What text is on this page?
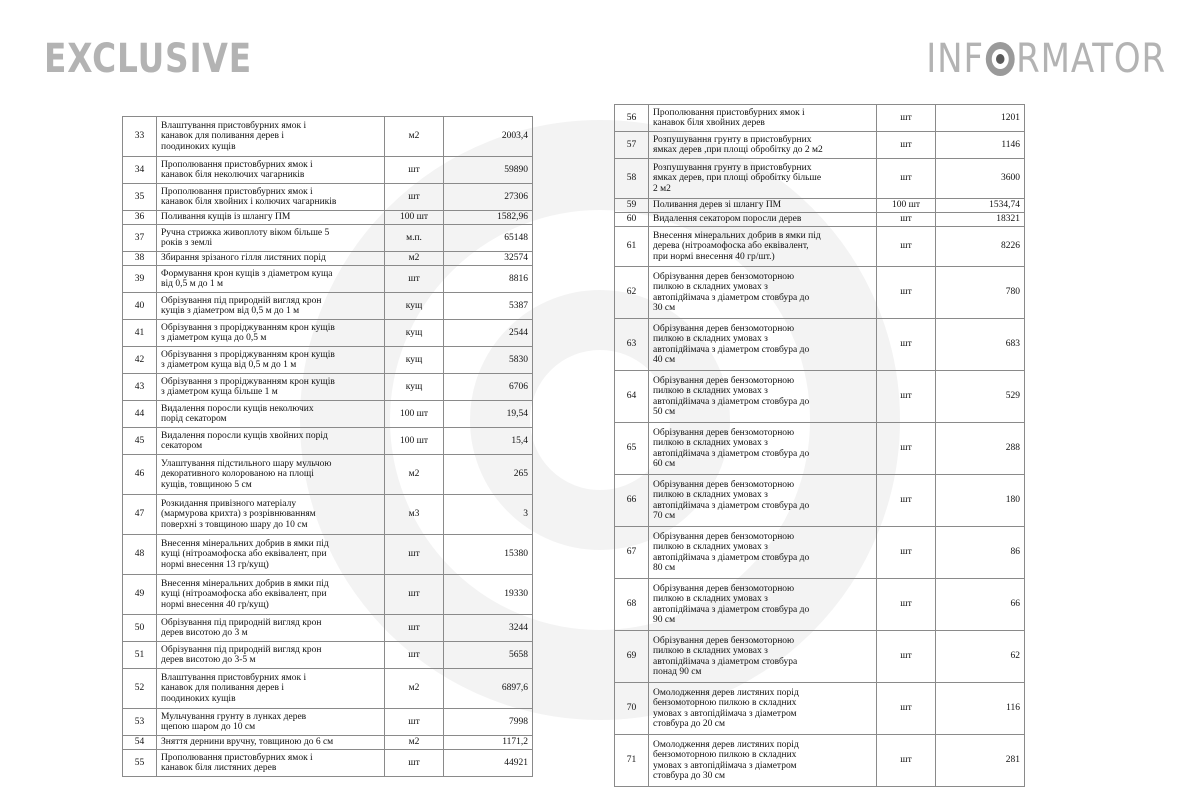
EXCLUSIVE	INF RMATOR
33	Влаштування пристовбурних ямок і
канавок для поливання дерев і
поодиноких кущів	м2	2003,4
34	Прополювання пристовбурних ямок і
канавок біля неколючих чагарників	шт	59890
35	Прополювання пристовбурних ямок і
канавок біля хвойних і колючих чагарників	шт	27306
36	Поливання кущів із шлангу ПМ	100 шт	1582,96
37	Ручна стрижка живоплоту віком більше 5
років з землі	м.п.	65148
38	Збирання зрізаного гілля листяних порід	м2	32574
39	Формування крон кущів з діаметром куща
від 0,5 м до 1 м	шт	8816
40	Обрізування під природній вигляд крон
кущів з діаметром від 0,5 м до 1 м	кущ	5387
41	Обрізування з проріджуванням крон кущів
з діаметром куща до 0,5 м	кущ	2544
42	Обрізування з проріджуванням крон кущів
з діаметром куща від 0,5 м до 1 м	кущ	5830
43	Обрізування з проріджуванням крон кущів
з діаметром куща більше 1 м	кущ	6706
44	Видалення поросли кущів неколючих
порід секатором	100 шт	19,54
45	Видалення поросли кущів хвойних порід
секатором	100 шт	15,4
46	Улаштування підстильного шару мульчою
декоративного колорованою на площі
кущів, товщиною 5 см	м2	265
47	Розкидання привізного матеріалу
(мармурова крихта) з розрівнюванням
поверхні з товщиною шару до 10 см	м3	3
48	Внесення мінеральних добрив в ямки під
кущі (нітроамофоска або еквівалент, при
нормі внесення 13 гр/кущ)	шт	15380
49	Внесення мінеральних добрив в ямки під
кущі (нітроамофоска або еквівалент, при
нормі внесення 40 гр/кущ)	шт	19330
50	Обрізування під природній вигляд крон
дерев висотою до 3 м	шт	3244
51	Обрізування під природній вигляд крон
дерев висотою до 3-5 м	шт	5658
52	Влаштування пристовбурних ямок і
канавок для поливання дерев і
поодиноких кущів	м2	6897,6
53	Мульчування грунту в лунках дерев
щепою шаром до 10 см	шт	7998
54	Зняття дернини вручну, товщиною до 6 см	м2	1171,2
55	Прополювання пристовбурних ямок і
канавок біля листяних дерев	шт	44921
56	Прополювання пристовбурних ямок і
канавок біля хвойних дерев	шт	1201
57	Розпушування грунту в пристовбурних
ямках дерев ,при площі обробітку до 2 м2	шт	1146
58	Розпушування грунту в пристовбурних
ямках дерев, при площі обробітку більше
2 м2	шт	3600
59	Поливання дерев зі шлангу ПМ	100 шт	1534,74
60	Видалення секатором поросли дерев	шт	18321
61	Внесення мінеральних добрив в ямки під
дерева (нітроамофоска або еквівалент,
при нормі внесення 40 гр/шт.)	шт	8226
62	Обрізування дерев бензомоторною
пилкою в складних умовах з
автопідйімача з діаметром стовбура до
30 см	шт	780
63	Обрізування дерев бензомоторною
пилкою в складних умовах з
автопідйімача з діаметром стовбура до
40 см	шт	683
64	Обрізування дерев бензомоторною
пилкою в складних умовах з
автопідйімача з діаметром стовбура до
50 см	шт	529
65	Обрізування дерев бензомоторною
пилкою в складних умовах з
автопідйімача з діаметром стовбура до
60 см	шт	288
66	Обрізування дерев бензомоторною
пилкою в складних умовах з
автопідйімача з діаметром стовбура до
70 см	шт	180
67	Обрізування дерев бензомоторною
пилкою в складних умовах з
автопідйімача з діаметром стовбура до
80 см	шт	86
68	Обрізування дерев бензомоторною
пилкою в складних умовах з
автопідйімача з діаметром стовбура до
90 см	шт	66
69	Обрізування дерев бензомоторною
пилкою в складних умовах з
автопідйімача з діаметром стовбура
понад 90 см	шт	62
70	Омолодження дерев листяних порід
бензомоторною пилкою в складних
умовах з автопідйімача з діаметром
стовбура до 20 см	шт	116
71	Омолодження дерев листяних порід
бензомоторною пилкою в складних
умовах з автопідйімача з діаметром
стовбура до 30 см	шт	281
